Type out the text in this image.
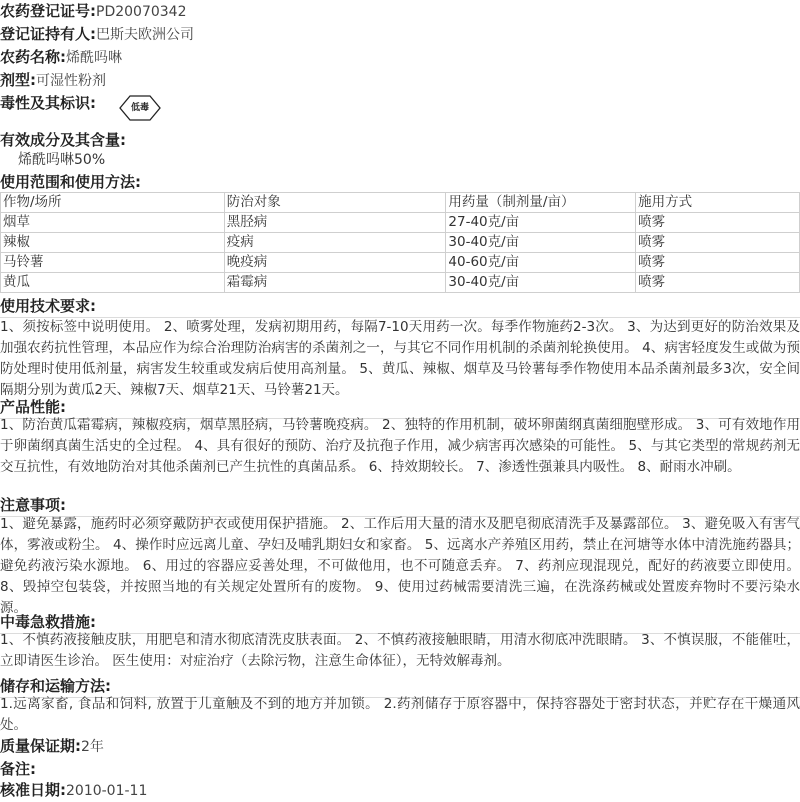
农药登记证号:PD20070342
登记证持有人:巴斯夫欧洲公司
农药名称:烯酰吗啉
剂型:可湿性粉剂
毒性及其标识:	低毒
有效成分及其含量:
烯酰吗啉50%
使用范围和使用方法:
作物/场所	防治对象	用药量（制剂量/亩）	施用方式
烟草	黑胫病	27-40克/亩	喷雾
辣椒	疫病	30-40克/亩	喷雾
马铃薯	晚疫病	40-60克/亩	喷雾
黄瓜	霜霉病	30-40克/亩	喷雾
使用技术要求:
1、须按标签中说明使用。 2、喷雾处理，发病初期用药，每隔7-10天用药一次。每季作物施药2-3次。 3、为达到更好的防治效果及加强农药抗性管理，本品应作为综合治理防治病害的杀菌剂之一，与其它不同作用机制的杀菌剂轮换使用。 4、病害轻度发生或做为预防处理时使用低剂量，病害发生较重或发病后使用高剂量。 5、黄瓜、辣椒、烟草及马铃薯每季作物使用本品杀菌剂最多3次，安全间隔期分别为黄瓜2天、辣椒7天、烟草21天、马铃薯21天。
产品性能:
1、防治黄瓜霜霉病，辣椒疫病，烟草黑胫病，马铃薯晚疫病。 2、独特的作用机制，破坏卵菌纲真菌细胞壁形成。 3、可有效地作用于卵菌纲真菌生活史的全过程。 4、具有很好的预防、治疗及抗孢子作用，减少病害再次感染的可能性。 5、与其它类型的常规药剂无交互抗性，有效地防治对其他杀菌剂已产生抗性的真菌品系。 6、持效期较长。 7、渗透性强兼具内吸性。 8、耐雨水冲刷。
注意事项:
1、避免暴露，施药时必须穿戴防护衣或使用保护措施。 2、工作后用大量的清水及肥皂彻底清洗手及暴露部位。 3、避免吸入有害气体，雾液或粉尘。 4、操作时应远离儿童、孕妇及哺乳期妇女和家畜。 5、远离水产养殖区用药，禁止在河塘等水体中清洗施药器具；避免药液污染水源地。 6、用过的容器应妥善处理，不可做他用，也不可随意丢弃。 7、药剂应现混现兑，配好的药液要立即使用。 8、毁掉空包装袋，并按照当地的有关规定处置所有的废物。 9、使用过药械需要清洗三遍，在洗涤药械或处置废弃物时不要污染水源。
中毒急救措施:
1、不慎药液接触皮肤，用肥皂和清水彻底清洗皮肤表面。 2、不慎药液接触眼睛，用清水彻底冲洗眼睛。 3、不慎误服，不能催吐，立即请医生诊治。 医生使用：对症治疗（去除污物，注意生命体征），无特效解毒剂。
储存和运输方法:
1.远离家畜, 食品和饲料, 放置于儿童触及不到的地方并加锁。 2.药剂储存于原容器中，保持容器处于密封状态，并贮存在干燥通风处。
质量保证期:2年
备注:
核准日期:2010-01-11
